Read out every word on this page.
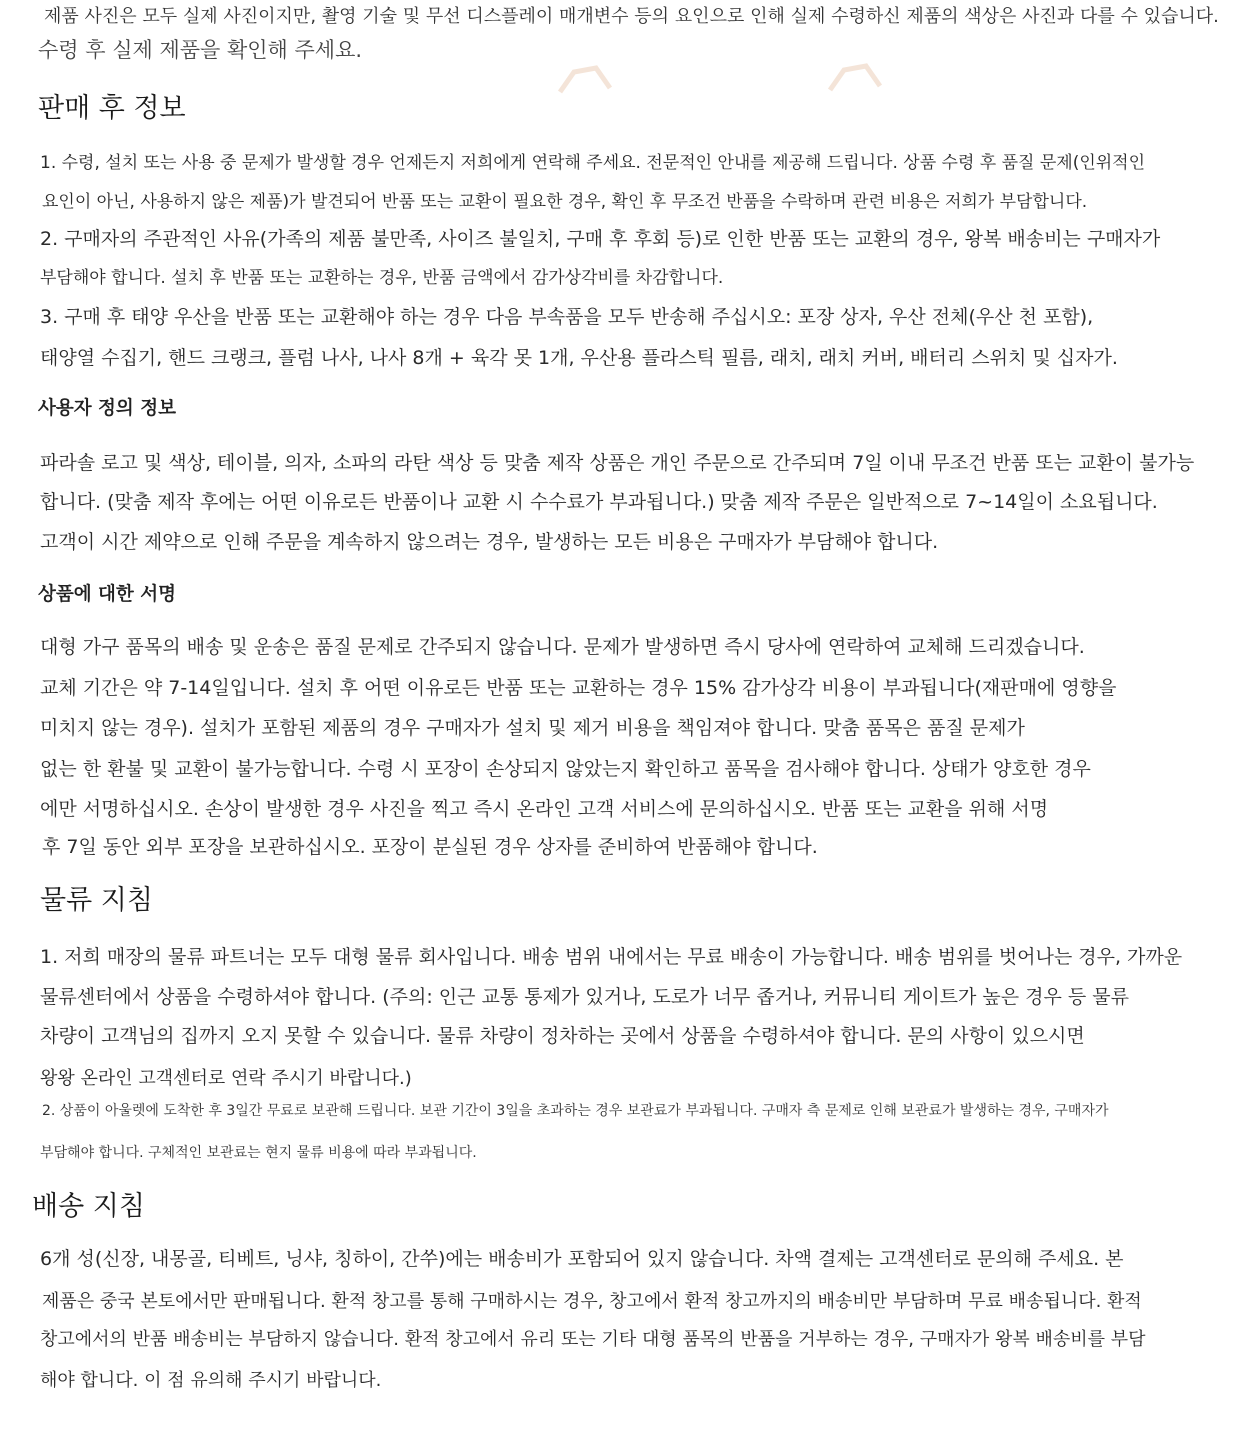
제품 사진은 모두 실제 사진이지만, 촬영 기술 및 무선 디스플레이 매개변수 등의 요인으로 인해 실제 수령하신 제품의 색상은 사진과 다를 수 있습니다.

수령 후 실제 제품을 확인해 주세요.

판매 후 정보

1. 수령, 설치 또는 사용 중 문제가 발생할 경우 언제든지 저희에게 연락해 주세요. 전문적인 안내를 제공해 드립니다. 상품 수령 후 품질 문제(인위적인

요인이 아닌, 사용하지 않은 제품)가 발견되어 반품 또는 교환이 필요한 경우, 확인 후 무조건 반품을 수락하며 관련 비용은 저희가 부담합니다.

2. 구매자의 주관적인 사유(가족의 제품 불만족, 사이즈 불일치, 구매 후 후회 등)로 인한 반품 또는 교환의 경우, 왕복 배송비는 구매자가

부담해야 합니다. 설치 후 반품 또는 교환하는 경우, 반품 금액에서 감가상각비를 차감합니다.

3. 구매 후 태양 우산을 반품 또는 교환해야 하는 경우 다음 부속품을 모두 반송해 주십시오: 포장 상자, 우산 전체(우산 천 포함),

태양열 수집기, 핸드 크랭크, 플럼 나사, 나사 8개 + 육각 못 1개, 우산용 플라스틱 필름, 래치, 래치 커버, 배터리 스위치 및 십자가.

사용자 정의 정보

파라솔 로고 및 색상, 테이블, 의자, 소파의 라탄 색상 등 맞춤 제작 상품은 개인 주문으로 간주되며 7일 이내 무조건 반품 또는 교환이 불가능

합니다. (맞춤 제작 후에는 어떤 이유로든 반품이나 교환 시 수수료가 부과됩니다.) 맞춤 제작 주문은 일반적으로 7~14일이 소요됩니다.

고객이 시간 제약으로 인해 주문을 계속하지 않으려는 경우, 발생하는 모든 비용은 구매자가 부담해야 합니다.

상품에 대한 서명

대형 가구 품목의 배송 및 운송은 품질 문제로 간주되지 않습니다. 문제가 발생하면 즉시 당사에 연락하여 교체해 드리겠습니다.

교체 기간은 약 7-14일입니다. 설치 후 어떤 이유로든 반품 또는 교환하는 경우 15% 감가상각 비용이 부과됩니다(재판매에 영향을

미치지 않는 경우). 설치가 포함된 제품의 경우 구매자가 설치 및 제거 비용을 책임져야 합니다. 맞춤 품목은 품질 문제가

없는 한 환불 및 교환이 불가능합니다. 수령 시 포장이 손상되지 않았는지 확인하고 품목을 검사해야 합니다. 상태가 양호한 경우

에만 서명하십시오. 손상이 발생한 경우 사진을 찍고 즉시 온라인 고객 서비스에 문의하십시오. 반품 또는 교환을 위해 서명

후 7일 동안 외부 포장을 보관하십시오. 포장이 분실된 경우 상자를 준비하여 반품해야 합니다.

물류 지침

1. 저희 매장의 물류 파트너는 모두 대형 물류 회사입니다. 배송 범위 내에서는 무료 배송이 가능합니다. 배송 범위를 벗어나는 경우, 가까운

물류센터에서 상품을 수령하셔야 합니다. (주의: 인근 교통 통제가 있거나, 도로가 너무 좁거나, 커뮤니티 게이트가 높은 경우 등 물류

차량이 고객님의 집까지 오지 못할 수 있습니다. 물류 차량이 정차하는 곳에서 상품을 수령하셔야 합니다. 문의 사항이 있으시면

왕왕 온라인 고객센터로 연락 주시기 바랍니다.)

2. 상품이 아울렛에 도착한 후 3일간 무료로 보관해 드립니다. 보관 기간이 3일을 초과하는 경우 보관료가 부과됩니다. 구매자 측 문제로 인해 보관료가 발생하는 경우, 구매자가

부담해야 합니다. 구체적인 보관료는 현지 물류 비용에 따라 부과됩니다.

배송 지침

6개 성(신장, 내몽골, 티베트, 닝샤, 칭하이, 간쑤)에는 배송비가 포함되어 있지 않습니다. 차액 결제는 고객센터로 문의해 주세요. 본

제품은 중국 본토에서만 판매됩니다. 환적 창고를 통해 구매하시는 경우, 창고에서 환적 창고까지의 배송비만 부담하며 무료 배송됩니다. 환적

창고에서의 반품 배송비는 부담하지 않습니다. 환적 창고에서 유리 또는 기타 대형 품목의 반품을 거부하는 경우, 구매자가 왕복 배송비를 부담

해야 합니다. 이 점 유의해 주시기 바랍니다.
